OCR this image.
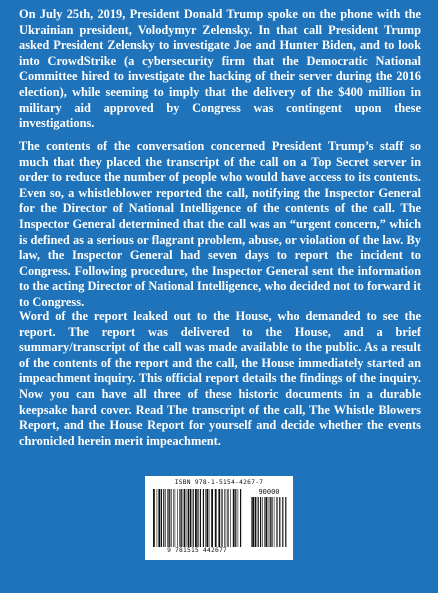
On July 25th, 2019, President Donald Trump spoke on the phone with the Ukrainian president, Volodymyr Zelensky. In that call President Trump asked President Zelensky to investigate Joe and Hunter Biden, and to look into CrowdStrike (a cybersecurity firm that the Democratic National Committee hired to investigate the hacking of their server during the 2016 election), while seeming to imply that the delivery of the $400 million in military aid approved by Congress was contingent upon these investigations.

The contents of the conversation concerned President Trump’s staff so much that they placed the transcript of the call on a Top Secret server in order to reduce the number of people who would have access to its contents. Even so, a whistleblower reported the call, notifying the Inspector General for the Director of National Intelligence of the contents of the call. The Inspector General determined that the call was an “urgent concern,” which is defined as a serious or flagrant problem, abuse, or violation of the law. By law, the Inspector General had seven days to report the incident to Congress. Following procedure, the Inspector General sent the information to the acting Director of National Intelligence, who decided not to forward it to Congress.

Word of the report leaked out to the House, who demanded to see the report. The report was delivered to the House, and a brief summary/transcript of the call was made available to the public. As a result of the contents of the report and the call, the House immediately started an impeachment inquiry. This official report details the findings of the inquiry. Now you can have all three of these historic documents in a durable keepsake hard cover. Read The transcript of the call, The Whistle Blowers Report, and the House Report for yourself and decide whether the events chronicled herein merit impeachment.

ISBN 978-1-5154-4267-7
90000
9 781515 442677
